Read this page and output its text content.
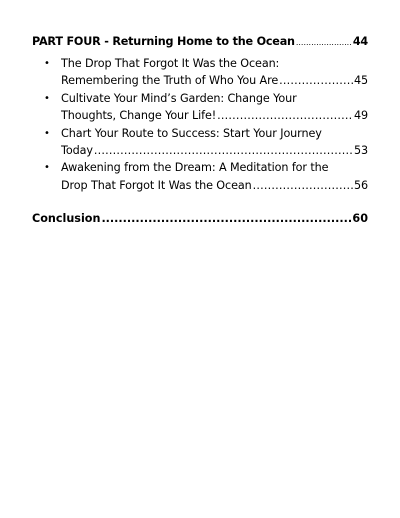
PART FOUR - Returning Home to the Ocean .....	44
• The Drop That Forgot It Was the Ocean:
Remembering the Truth of Who You Are .....	45
• Cultivate Your Mind’s Garden: Change Your
Thoughts, Change Your Life! .....	49
• Chart Your Route to Success: Start Your Journey
Today .....	53
• Awakening from the Dream: A Meditation for the
Drop That Forgot It Was the Ocean .....	56
Conclusion .....	60
